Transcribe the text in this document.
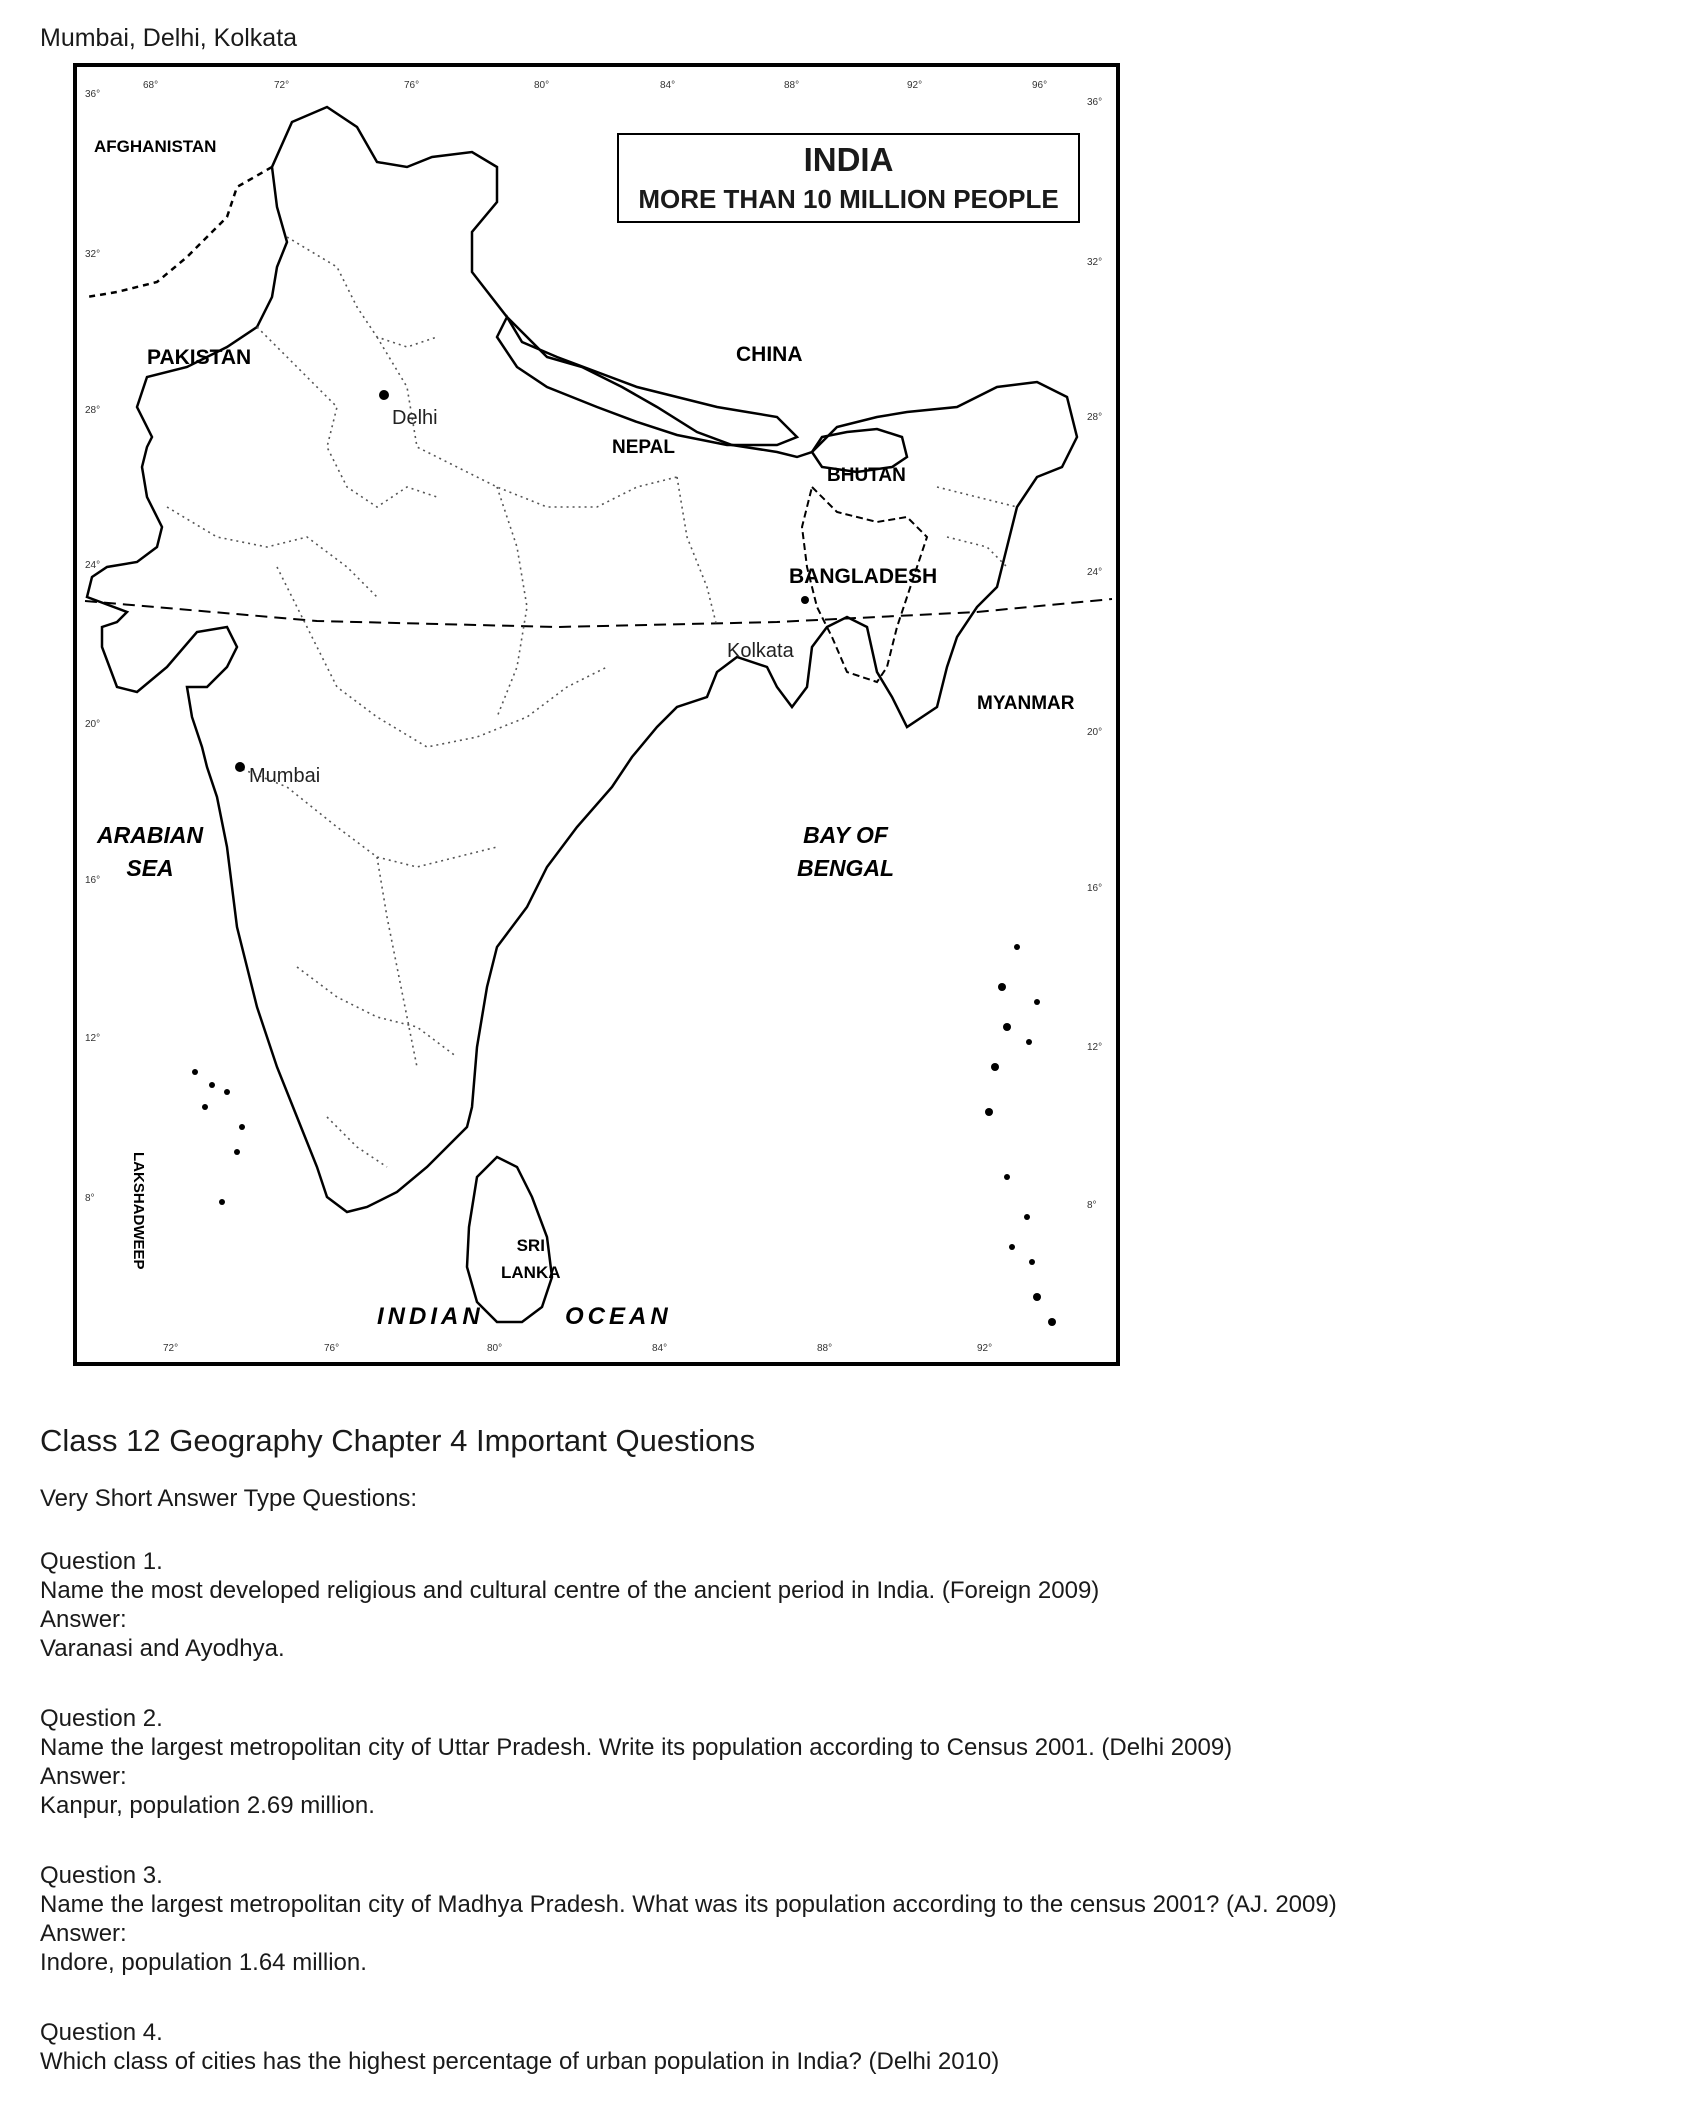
Mumbai, Delhi, Kolkata
INDIA
MORE THAN 10 MILLION PEOPLE
AFGHANISTAN
PAKISTAN	CHINA
NEPAL
BHUTAN
BANGLADESH
MYANMAR
SRI
LANKA
LAKSHADWEEP
ARABIAN
SEA
BAY OF
BENGAL
INDIAN	OCEAN
Delhi
Kolkata
Mumbai
68°	72°	76°	80°	84°	88°	92°	96°
72°	76°	80°	84°	88°	92°
36°
32°
28°
24°
20°
16°
12°
8°
36°
32°
28°
24°
20°
16°
12°
8°
Class 12 Geography Chapter 4 Important Questions
Very Short Answer Type Questions:
Question 1.
Name the most developed religious and cultural centre of the ancient period in India. (Foreign 2009)
Answer:
Varanasi and Ayodhya.
Question 2.
Name the largest metropolitan city of Uttar Pradesh. Write its population according to Census 2001. (Delhi 2009)
Answer:
Kanpur, population 2.69 million.
Question 3.
Name the largest metropolitan city of Madhya Pradesh. What was its population according to the census 2001? (AJ. 2009)
Answer:
Indore, population 1.64 million.
Question 4.
Which class of cities has the highest percentage of urban population in India? (Delhi 2010)
